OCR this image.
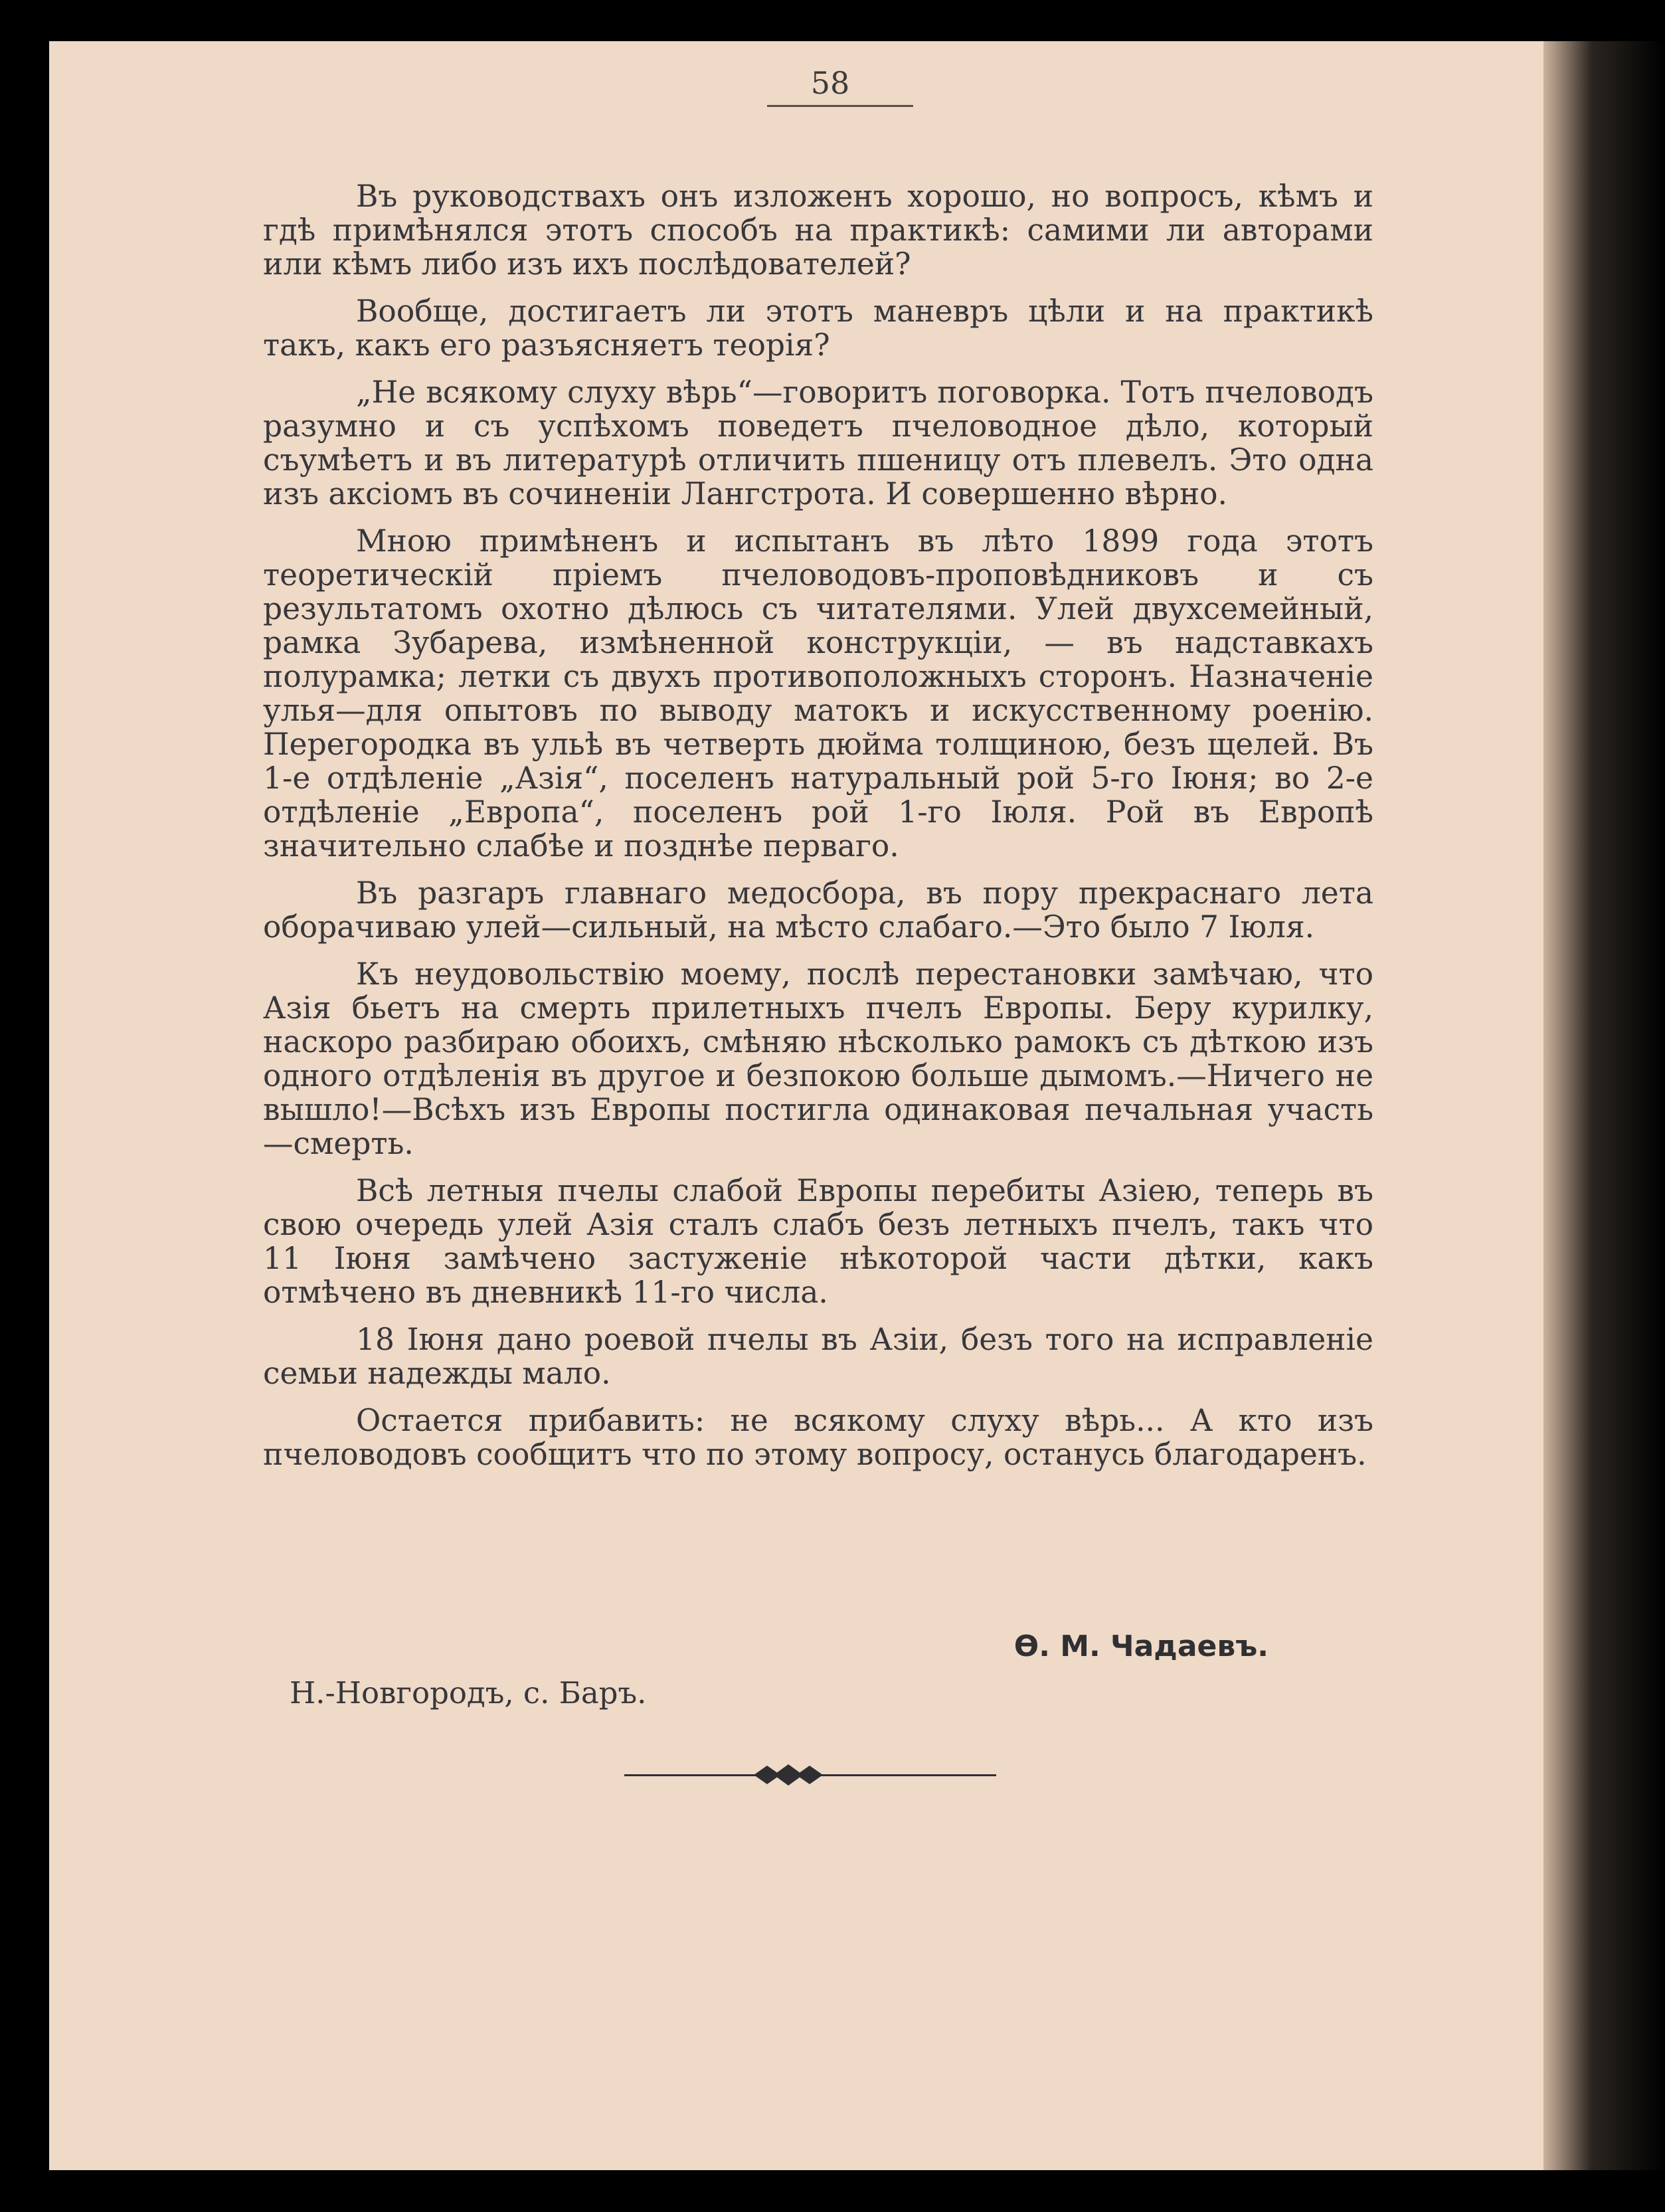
58

Въ руководствахъ онъ изложенъ хорошо, но вопросъ, кѣмъ и гдѣ примѣнялся этотъ способъ на практикѣ: самими ли авторами или кѣмъ либо изъ ихъ послѣдователей?

Вообще, достигаетъ ли этотъ маневръ цѣли и на практикѣ такъ, какъ его разъясняетъ теорія?

„Не всякому слуху вѣрь“—говоритъ поговорка. Тотъ пчеловодъ разумно и съ успѣхомъ поведетъ пчеловодное дѣло, который съумѣетъ и въ литературѣ отличить пшеницу отъ плевелъ. Это одна изъ аксіомъ въ сочиненіи Лангстрота. И совершенно вѣрно.

Мною примѣненъ и испытанъ въ лѣто 1899 года этотъ теоретическій пріемъ пчеловодовъ-проповѣдниковъ и съ результатомъ охотно дѣлюсь съ читателями. Улей двухсемейный, рамка Зубарева, измѣненной конструкціи, — въ надставкахъ полурамка; летки съ двухъ противоположныхъ сторонъ. Назначеніе улья—для опытовъ по выводу матокъ и искусственному роенію. Перегородка въ ульѣ въ четверть дюйма толщиною, безъ щелей. Въ 1-е отдѣленіе „Азія“, поселенъ натуральный рой 5-го Іюня; во 2-е отдѣленіе „Европа“, поселенъ рой 1-го Іюля. Рой въ Европѣ значительно слабѣе и позднѣе перваго.

Въ разгаръ главнаго медосбора, въ пору прекраснаго лета оборачиваю улей—сильный, на мѣсто слабаго.—Это было 7 Іюля.

Къ неудовольствію моему, послѣ перестановки замѣчаю, что Азія бьетъ на смерть прилетныхъ пчелъ Европы. Беру курилку, наскоро разбираю обоихъ, смѣняю нѣсколько рамокъ съ дѣткою изъ одного отдѣленія въ другое и безпокою больше дымомъ.—Ничего не вышло!—Всѣхъ изъ Европы постигла одинаковая печальная участь—смерть.

Всѣ летныя пчелы слабой Европы перебиты Азіею, теперь въ свою очередь улей Азія сталъ слабъ безъ летныхъ пчелъ, такъ что 11 Іюня замѣчено застуженіе нѣкоторой части дѣтки, какъ отмѣчено въ дневникѣ 11-го числа.

18 Іюня дано роевой пчелы въ Азіи, безъ того на исправленіе семьи надежды мало.

Остается прибавить: не всякому слуху вѣрь... А кто изъ пчеловодовъ сообщитъ что по этому вопросу, останусь благодаренъ.

Ѳ. М. Чадаевъ.
Н.-Новгородъ, с. Баръ.
